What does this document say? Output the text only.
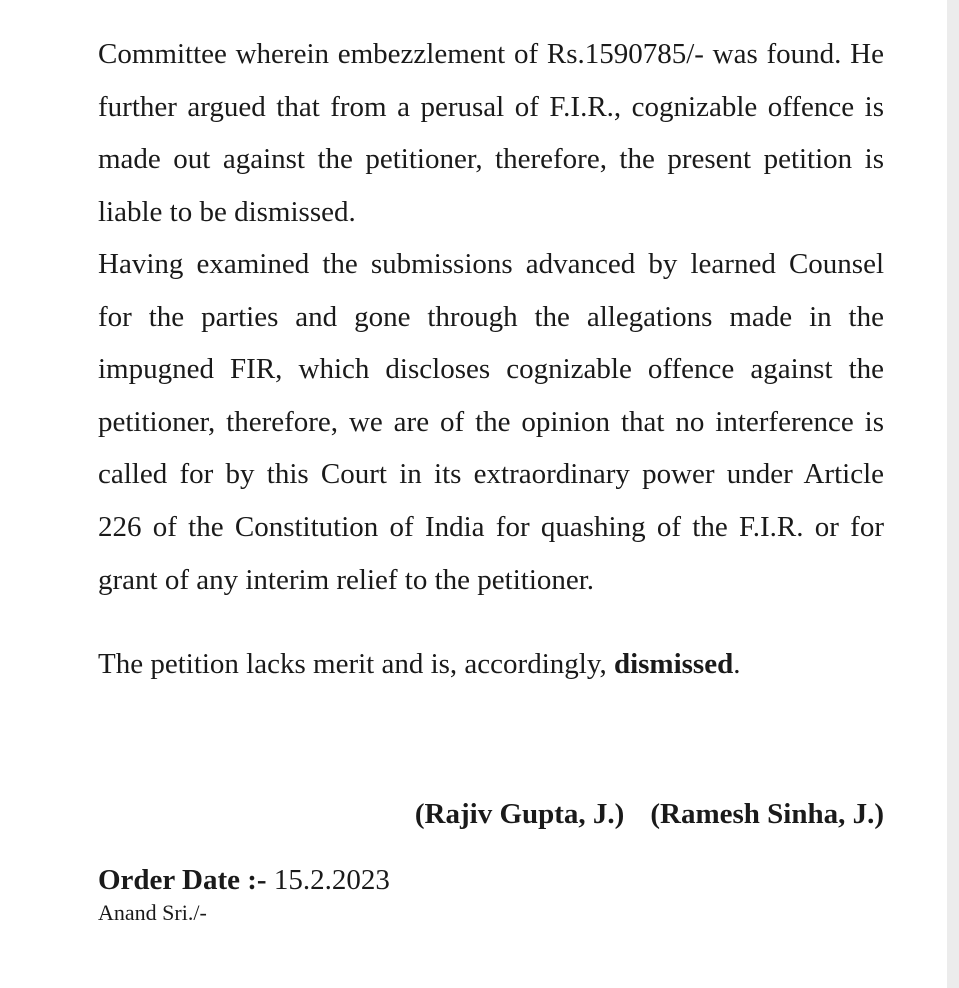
Committee wherein embezzlement of Rs.1590785/- was found. He further argued that from a perusal of F.I.R., cognizable offence is made out against the petitioner, therefore, the present petition is liable to be dismissed.

Having examined the submissions advanced by learned Counsel for the parties and gone through the allegations made in the impugned FIR, which discloses cognizable offence against the petitioner, therefore, we are of the opinion that no interference is called for by this Court in its extraordinary power under Article 226 of the Constitution of India for quashing of the F.I.R. or for grant of any interim relief to the petitioner.

The petition lacks merit and is, accordingly, dismissed.

(Rajiv Gupta, J.) (Ramesh Sinha, J.)
Order Date :- 15.2.2023
Anand Sri./-
